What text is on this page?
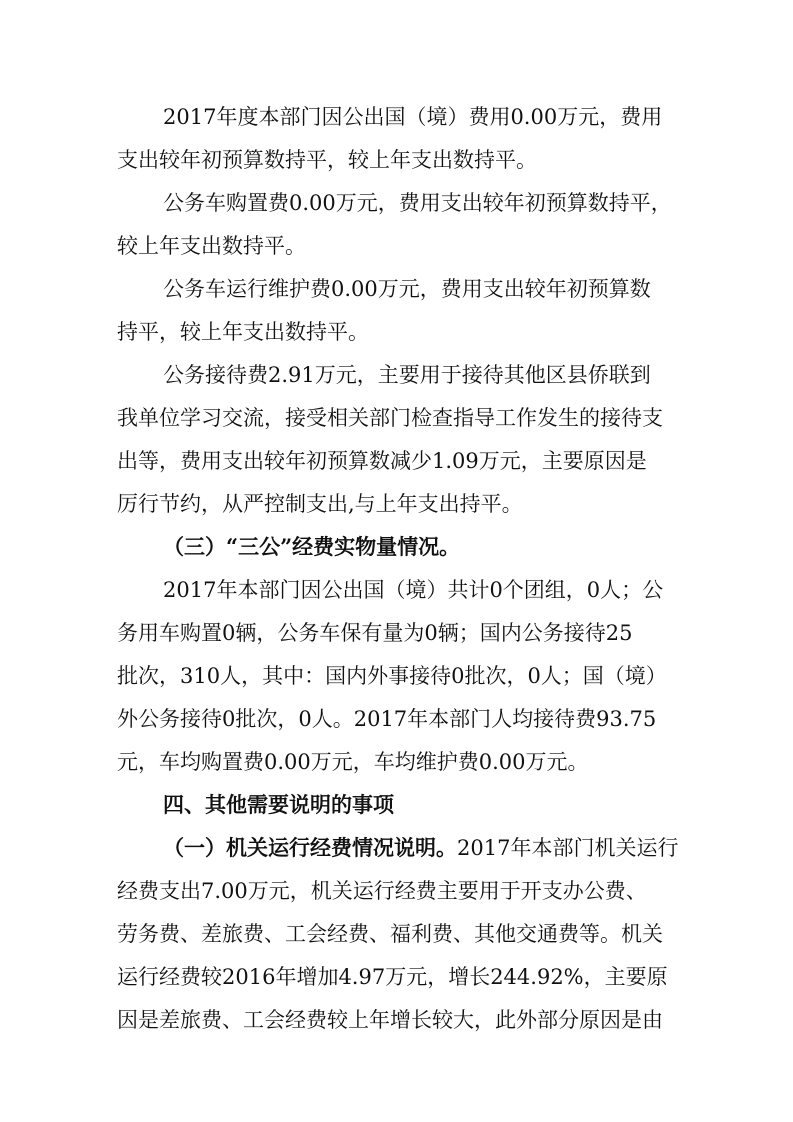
2017年度本部门因公出国（境）费用0.00万元，费用
支出较年初预算数持平，较上年支出数持平。
公务车购置费0.00万元，费用支出较年初预算数持平，
较上年支出数持平。
公务车运行维护费0.00万元，费用支出较年初预算数
持平，较上年支出数持平。
公务接待费2.91万元，主要用于接待其他区县侨联到
我单位学习交流，接受相关部门检查指导工作发生的接待支
出等，费用支出较年初预算数减少1.09万元，主要原因是
厉行节约，从严控制支出,与上年支出持平。
（三）“三公”经费实物量情况。
2017年本部门因公出国（境）共计0个团组，0人；公
务用车购置0辆，公务车保有量为0辆；国内公务接待25
批次，310人，其中：国内外事接待0批次，0人；国（境）
外公务接待0批次，0人。2017年本部门人均接待费93.75
元，车均购置费0.00万元，车均维护费0.00万元。
四、其他需要说明的事项
（一）机关运行经费情况说明。2017年本部门机关运行
经费支出7.00万元，机关运行经费主要用于开支办公费、
劳务费、差旅费、工会经费、福利费、其他交通费等。机关
运行经费较2016年增加4.97万元，增长244.92%，主要原
因是差旅费、工会经费较上年增长较大，此外部分原因是由
